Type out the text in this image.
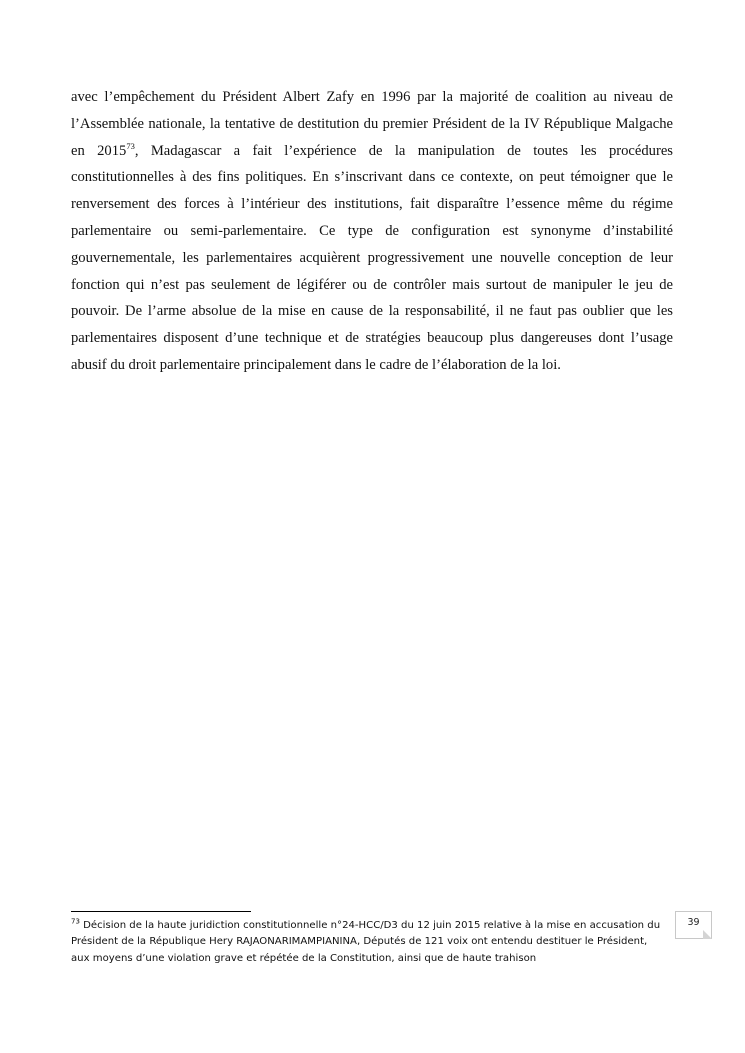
avec l’empêchement du Président Albert Zafy en 1996 par la majorité de coalition au niveau de
l’Assemblée nationale, la tentative de destitution du premier Président de la IV République Malgache
en 2015$^{73}$, Madagascar a fait l’expérience de la manipulation de toutes les procédures
constitutionnelles à des fins politiques. En s’inscrivant dans ce contexte, on peut témoigner que le
renversement des forces à l’intérieur des institutions, fait disparaître l’essence même du régime
parlementaire ou semi-parlementaire. Ce type de configuration est synonyme d’instabilité
gouvernementale, les parlementaires acquièrent progressivement une nouvelle conception de leur
fonction qui n’est pas seulement de légiférer ou de contrôler mais surtout de manipuler le jeu de
pouvoir. De l’arme absolue de la mise en cause de la responsabilité, il ne faut pas oublier que les
parlementaires disposent d’une technique et de stratégies beaucoup plus dangereuses dont l’usage
abusif du droit parlementaire principalement dans le cadre de l’élaboration de la loi.
$^{73}$ Décision de la haute juridiction constitutionnelle n°24-HCC/D3 du 12 juin 2015 relative à la mise en accusation du
Président de la République Hery RAJAONARIMAMPIANINA, Députés de 121 voix ont entendu destituer le Président,
aux moyens d’une violation grave et répétée de la Constitution, ainsi que de haute trahison
39
